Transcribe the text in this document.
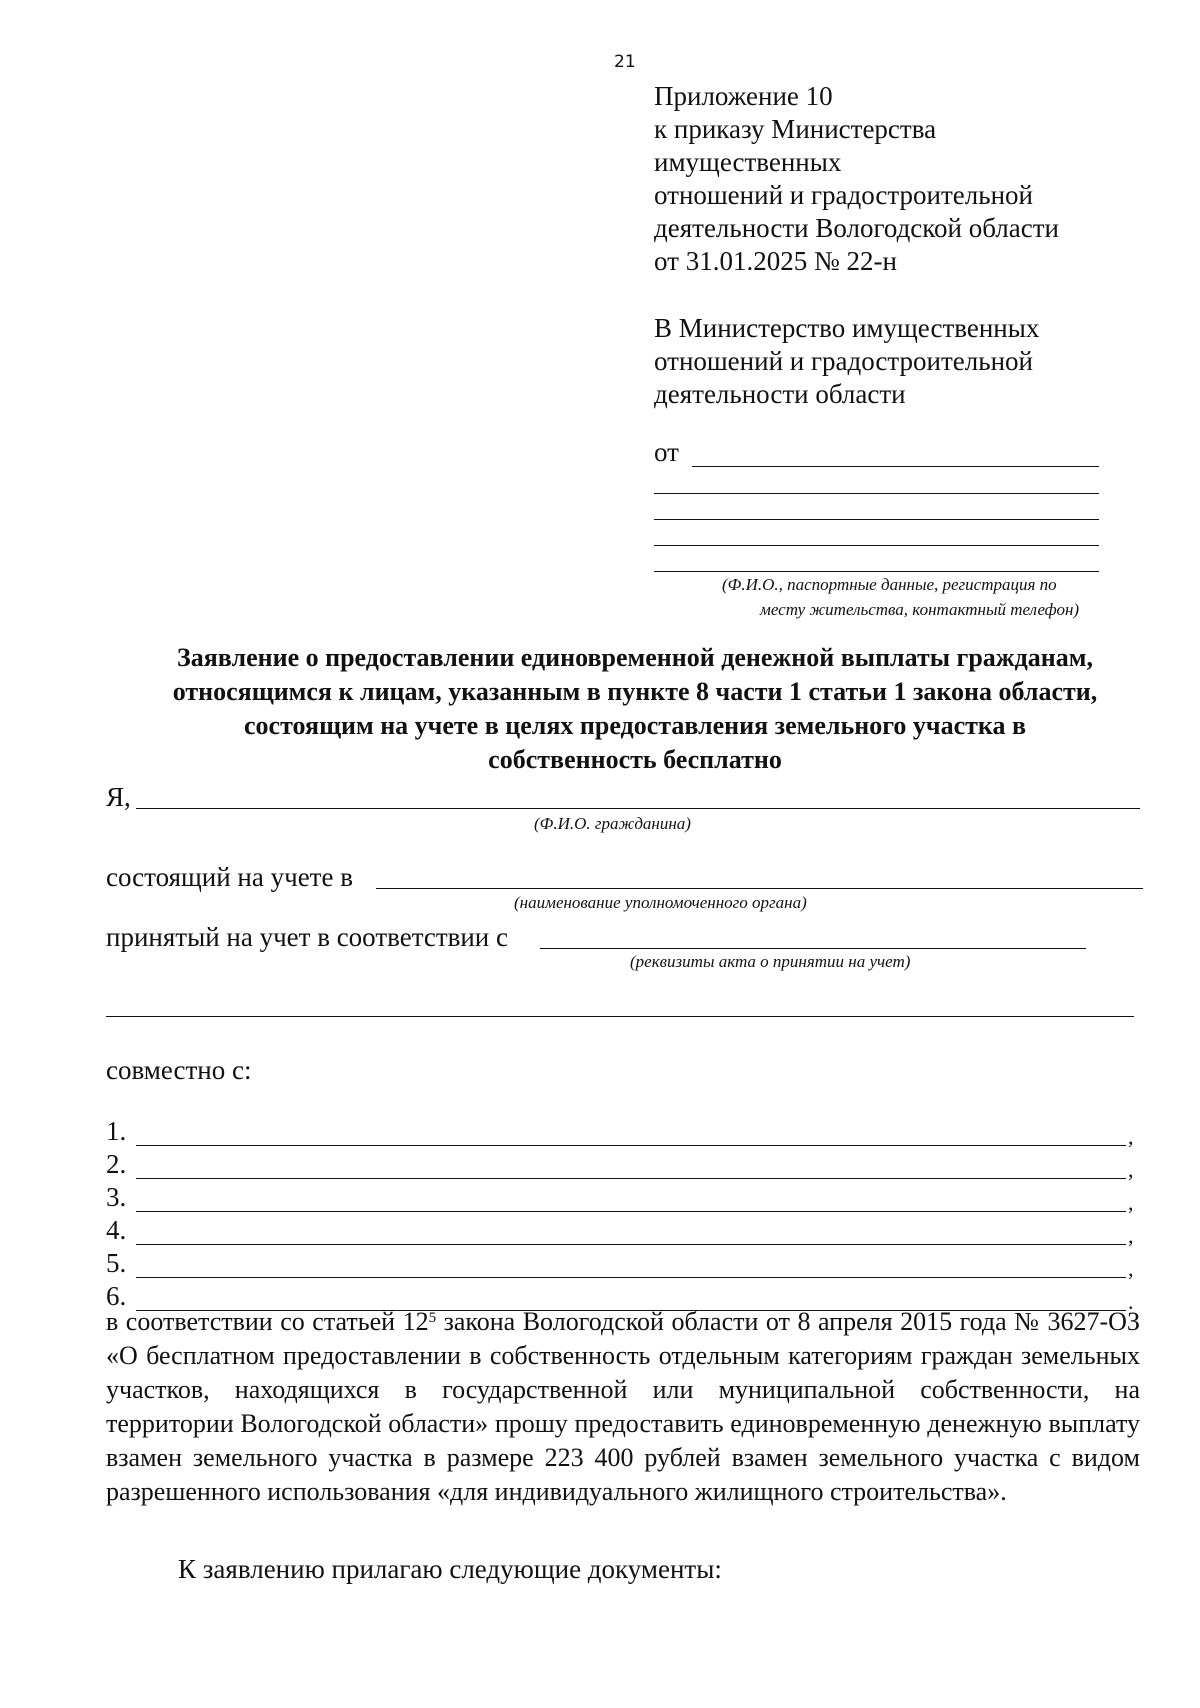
21
Приложение 10
к приказу Министерства
имущественных
отношений и градостроительной
деятельности Вологодской области
от 31.01.2025 № 22-н
В Министерство имущественных
отношений и градостроительной
деятельности области
от
(Ф.И.О., паспортные данные, регистрация по
месту жительства, контактный телефон)
Заявление о предоставлении единовременной денежной выплаты гражданам,
относящимся к лицам, указанным в пункте 8 части 1 статьи 1 закона области,
состоящим на учете в целях предоставления земельного участка в
собственность бесплатно
Я,
(Ф.И.О. гражданина)
состоящий на учете в
(наименование уполномоченного органа)
принятый на учет в соответствии с
(реквизиты акта о принятии на учет)
совместно с:
1.	,
2.	,
3.	,
4.	,
5.	,
6.	.
в соответствии со статьей $12^5$ закона Вологодской области от 8 апреля 2015 года № 3627-ОЗ «О бесплатном предоставлении в собственность отдельным категориям граждан земельных участков, находящихся в государственной или муниципальной собственности, на территории Вологодской области» прошу предоставить единовременную денежную выплату взамен земельного участка в размере 223 400 рублей взамен земельного участка с видом разрешенного использования «для индивидуального жилищного строительства».
К заявлению прилагаю следующие документы:
